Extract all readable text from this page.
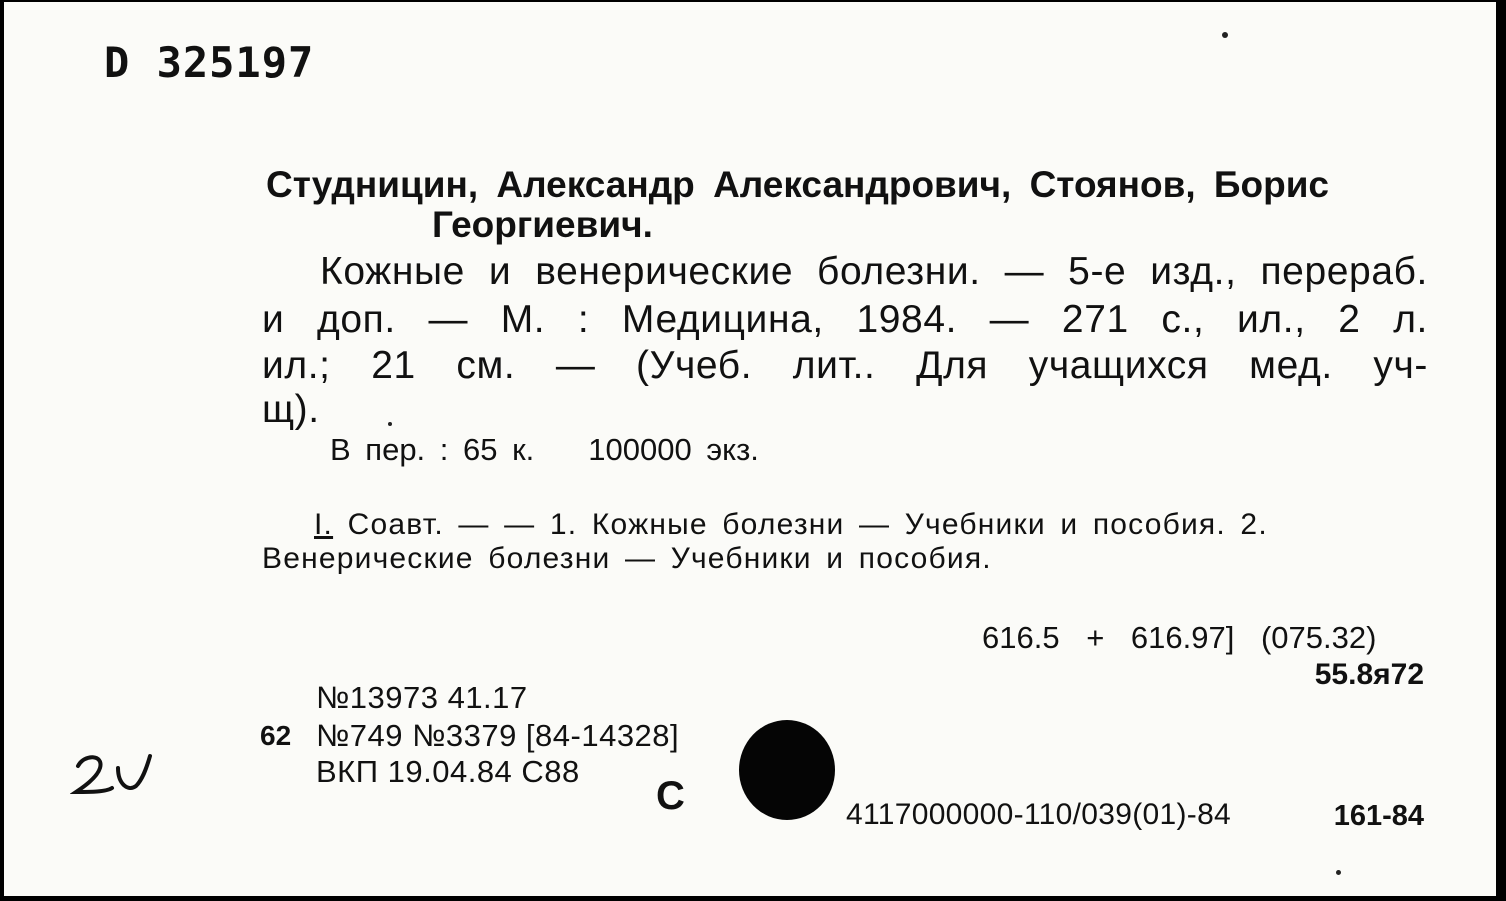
D 325197
Студницин, Александр Александрович, Стоянов, Борис
Георгиевич.
Кожные и венерические болезни. — 5-е изд., перераб.
и доп. — М. : Медицина, 1984. — 271 с., ил., 2 л.
ил.; 21 см. — (Учеб. лит.. Для учащихся мед. уч-
щ).
В пер. : 65 к. 100000 экз.
I. Соавт. — — 1. Кожные болезни — Учебники и пособия. 2.
Венерические болезни — Учебники и пособия.
616.5 + 616.97] (075.32)
55.8я72
№13973 41.17
62 №749 №3379 [84-14328]
ВКП 19.04.84 С88
С	4117000000-110/039(01)-84	161-84
